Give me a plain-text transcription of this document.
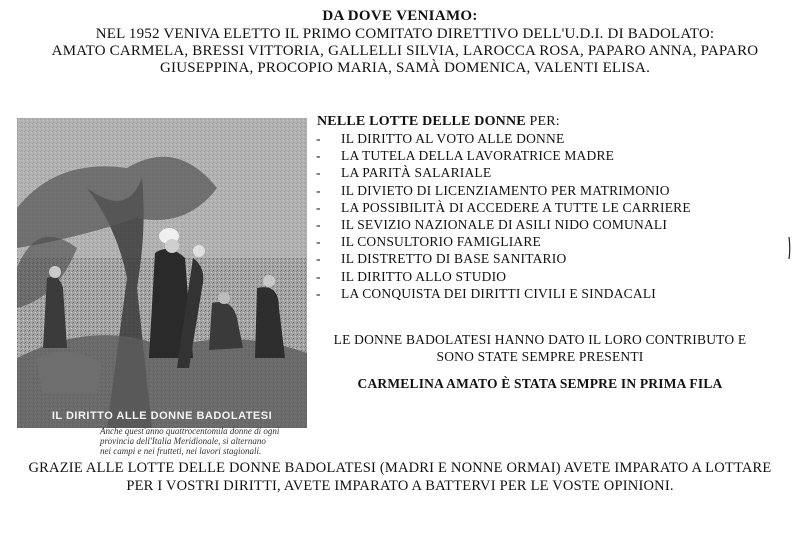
DA DOVE VENIAMO:
NEL 1952 VENIVA ELETTO IL PRIMO COMITATO DIRETTIVO DELL'U.D.I. DI BADOLATO:
AMATO CARMELA, BRESSI VITTORIA, GALLELLI SILVIA, LAROCCA ROSA, PAPARO ANNA, PAPARO
GIUSEPPINA, PROCOPIO MARIA, SAMÀ DOMENICA, VALENTI ELISA.
IL DIRITTO ALLE DONNE BADOLATESI
Anche quest'anno quattrocentomila donne di ogni
provincia dell'Italia Meridionale, si alternano
nei campi e nei frutteti, nei lavori stagionali.
NELLE LOTTE DELLE DONNE PER:
- IL DIRITTO AL VOTO ALLE DONNE
- LA TUTELA DELLA LAVORATRICE MADRE
- LA PARITÀ SALARIALE
- IL DIVIETO DI LICENZIAMENTO PER MATRIMONIO
- LA POSSIBILITÀ DI ACCEDERE A TUTTE LE CARRIERE
- IL SEVIZIO NAZIONALE DI ASILI NIDO COMUNALI
- IL CONSULTORIO FAMIGLIARE
- IL DISTRETTO DI BASE SANITARIO
- IL DIRITTO ALLO STUDIO
- LA CONQUISTA DEI DIRITTI CIVILI E SINDACALI
LE DONNE BADOLATESI HANNO DATO IL LORO CONTRIBUTO E
SONO STATE SEMPRE PRESENTI
CARMELINA AMATO È STATA SEMPRE IN PRIMA FILA
GRAZIE ALLE LOTTE DELLE DONNE BADOLATESI (MADRI E NONNE ORMAI) AVETE IMPARATO A LOTTARE
PER I VOSTRI DIRITTI, AVETE IMPARATO A BATTERVI PER LE VOSTE OPINIONI.
